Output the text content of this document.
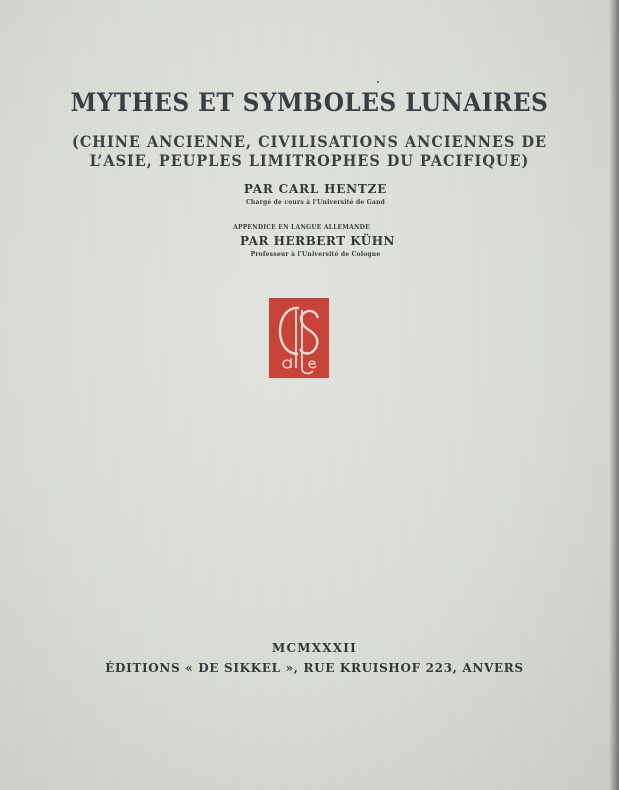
MYTHES ET SYMBOLES LUNAIRES
(CHINE ANCIENNE, CIVILISATIONS ANCIENNES DE
L’ASIE, PEUPLES LIMITROPHES DU PACIFIQUE)
PAR CARL HENTZE
Chargé de cours à l'Université de Gand
APPENDICE EN LANGUE ALLEMANDE
PAR HERBERT KÜHN
Professeur à l'Université de Cologne
MCMXXXII
ÉDITIONS « DE SIKKEL », RUE KRUISHOF 223, ANVERS
